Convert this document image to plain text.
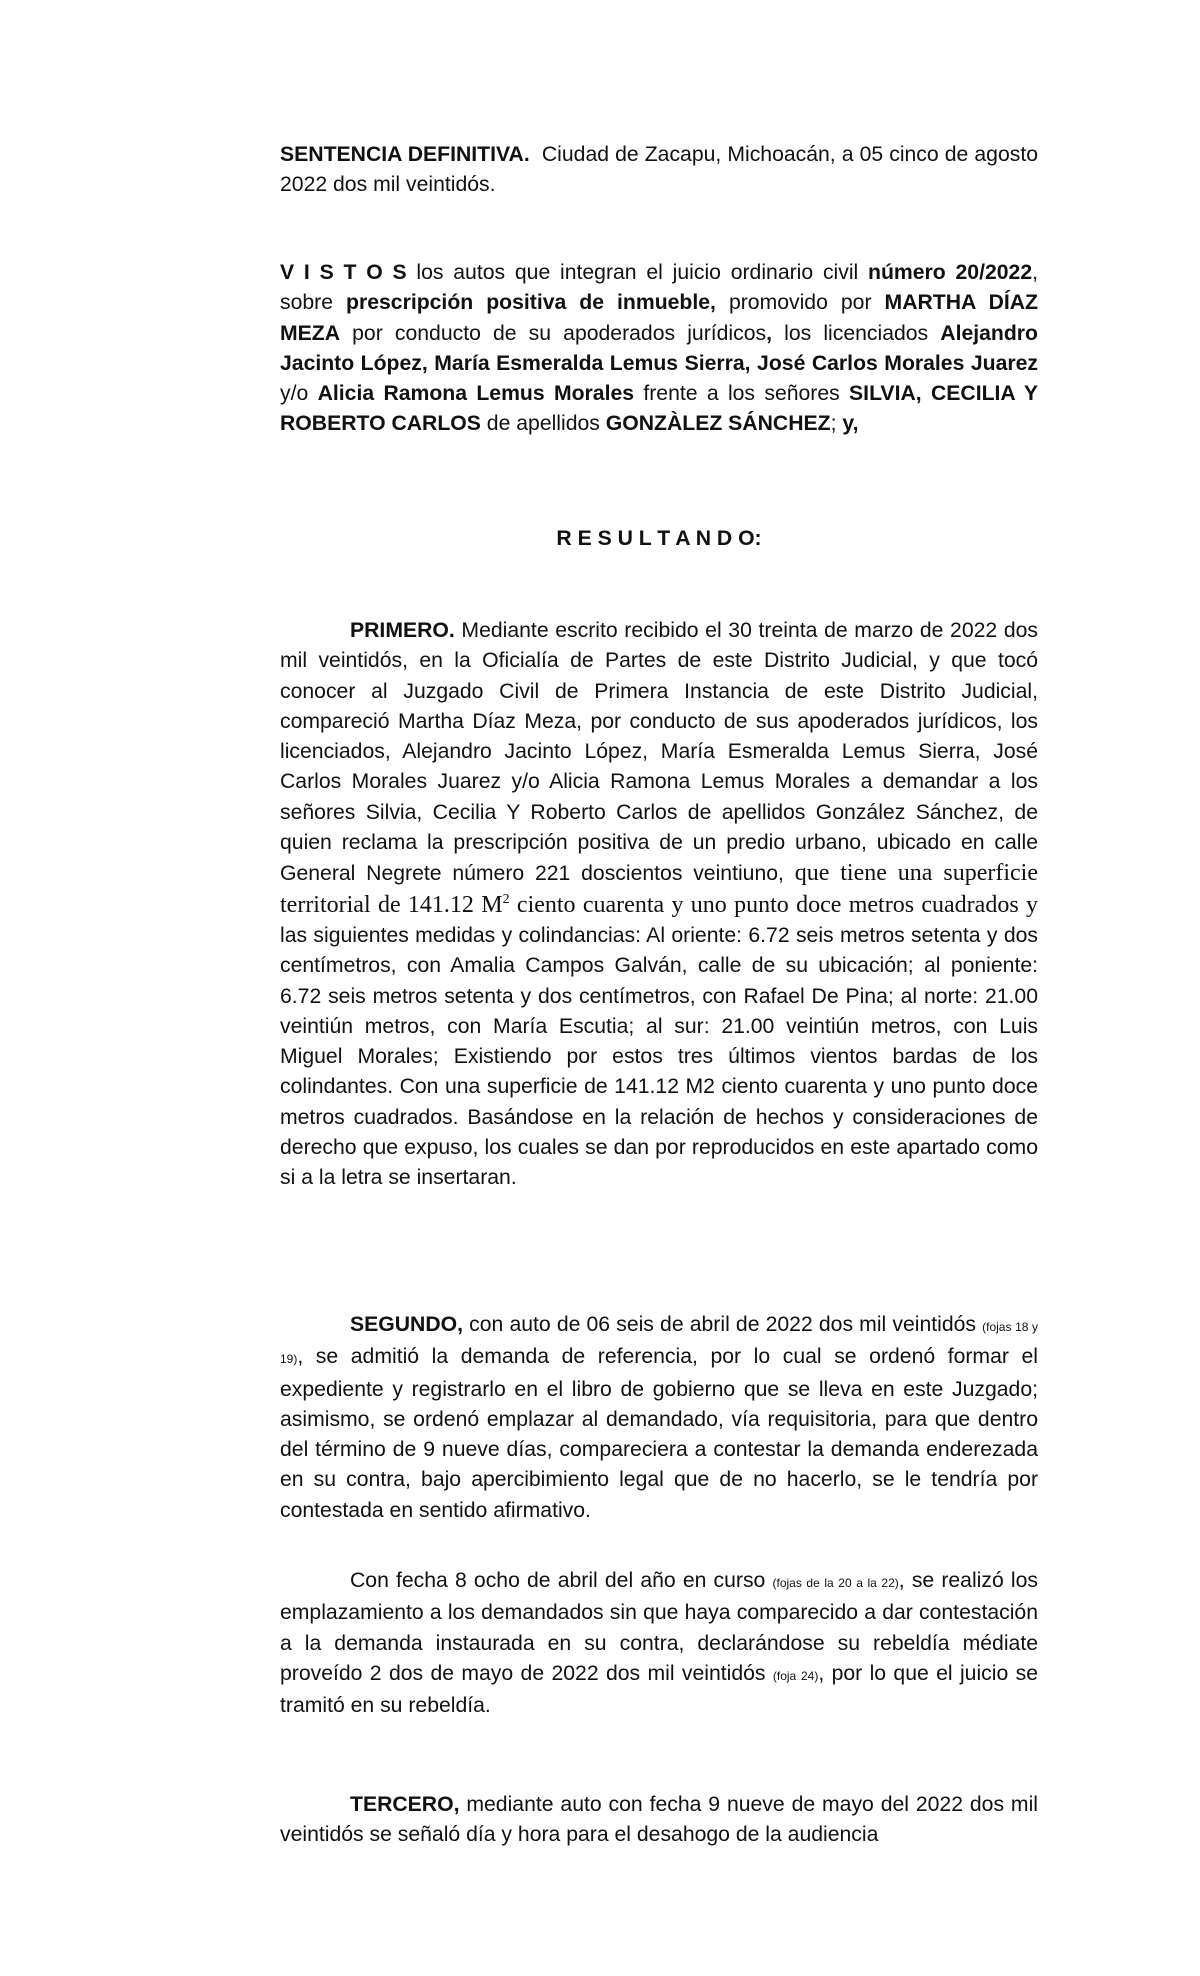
SENTENCIA DEFINITIVA. Ciudad de Zacapu, Michoacán, a 05 cinco de agosto 2022 dos mil veintidós.

V I S T O S los autos que integran el juicio ordinario civil número 20/2022, sobre prescripción positiva de inmueble, promovido por MARTHA DÍAZ MEZA por conducto de su apoderados jurídicos, los licenciados Alejandro Jacinto López, María Esmeralda Lemus Sierra, José Carlos Morales Juarez y/o Alicia Ramona Lemus Morales frente a los señores SILVIA, CECILIA Y ROBERTO CARLOS de apellidos GONZÀLEZ SÁNCHEZ; y,

R E S U L T A N D O:

PRIMERO. Mediante escrito recibido el 30 treinta de marzo de 2022 dos mil veintidós, en la Oficialía de Partes de este Distrito Judicial, y que tocó conocer al Juzgado Civil de Primera Instancia de este Distrito Judicial, compareció Martha Díaz Meza, por conducto de sus apoderados jurídicos, los licenciados, Alejandro Jacinto López, María Esmeralda Lemus Sierra, José Carlos Morales Juarez y/o Alicia Ramona Lemus Morales a demandar a los señores Silvia, Cecilia Y Roberto Carlos de apellidos González Sánchez, de quien reclama la prescripción positiva de un predio urbano, ubicado en calle General Negrete número 221 doscientos veintiuno, que tiene una superficie territorial de 141.12 $M^2$ ciento cuarenta y uno punto doce metros cuadrados y las siguientes medidas y colindancias: Al oriente: 6.72 seis metros setenta y dos centímetros, con Amalia Campos Galván, calle de su ubicación; al poniente: 6.72 seis metros setenta y dos centímetros, con Rafael De Pina; al norte: 21.00 veintiún metros, con María Escutia; al sur: 21.00 veintiún metros, con Luis Miguel Morales; Existiendo por estos tres últimos vientos bardas de los colindantes. Con una superficie de 141.12 M2 ciento cuarenta y uno punto doce metros cuadrados. Basándose en la relación de hechos y consideraciones de derecho que expuso, los cuales se dan por reproducidos en este apartado como si a la letra se insertaran.

SEGUNDO, con auto de 06 seis de abril de 2022 dos mil veintidós (fojas 18 y 19), se admitió la demanda de referencia, por lo cual se ordenó formar el expediente y registrarlo en el libro de gobierno que se lleva en este Juzgado; asimismo, se ordenó emplazar al demandado, vía requisitoria, para que dentro del término de 9 nueve días, compareciera a contestar la demanda enderezada en su contra, bajo apercibimiento legal que de no hacerlo, se le tendría por contestada en sentido afirmativo.

Con fecha 8 ocho de abril del año en curso (fojas de la 20 a la 22), se realizó los emplazamiento a los demandados sin que haya comparecido a dar contestación a la demanda instaurada en su contra, declarándose su rebeldía médiate proveído 2 dos de mayo de 2022 dos mil veintidós (foja 24), por lo que el juicio se tramitó en su rebeldía.

TERCERO, mediante auto con fecha 9 nueve de mayo del 2022 dos mil veintidós se señaló día y hora para el desahogo de la audiencia
